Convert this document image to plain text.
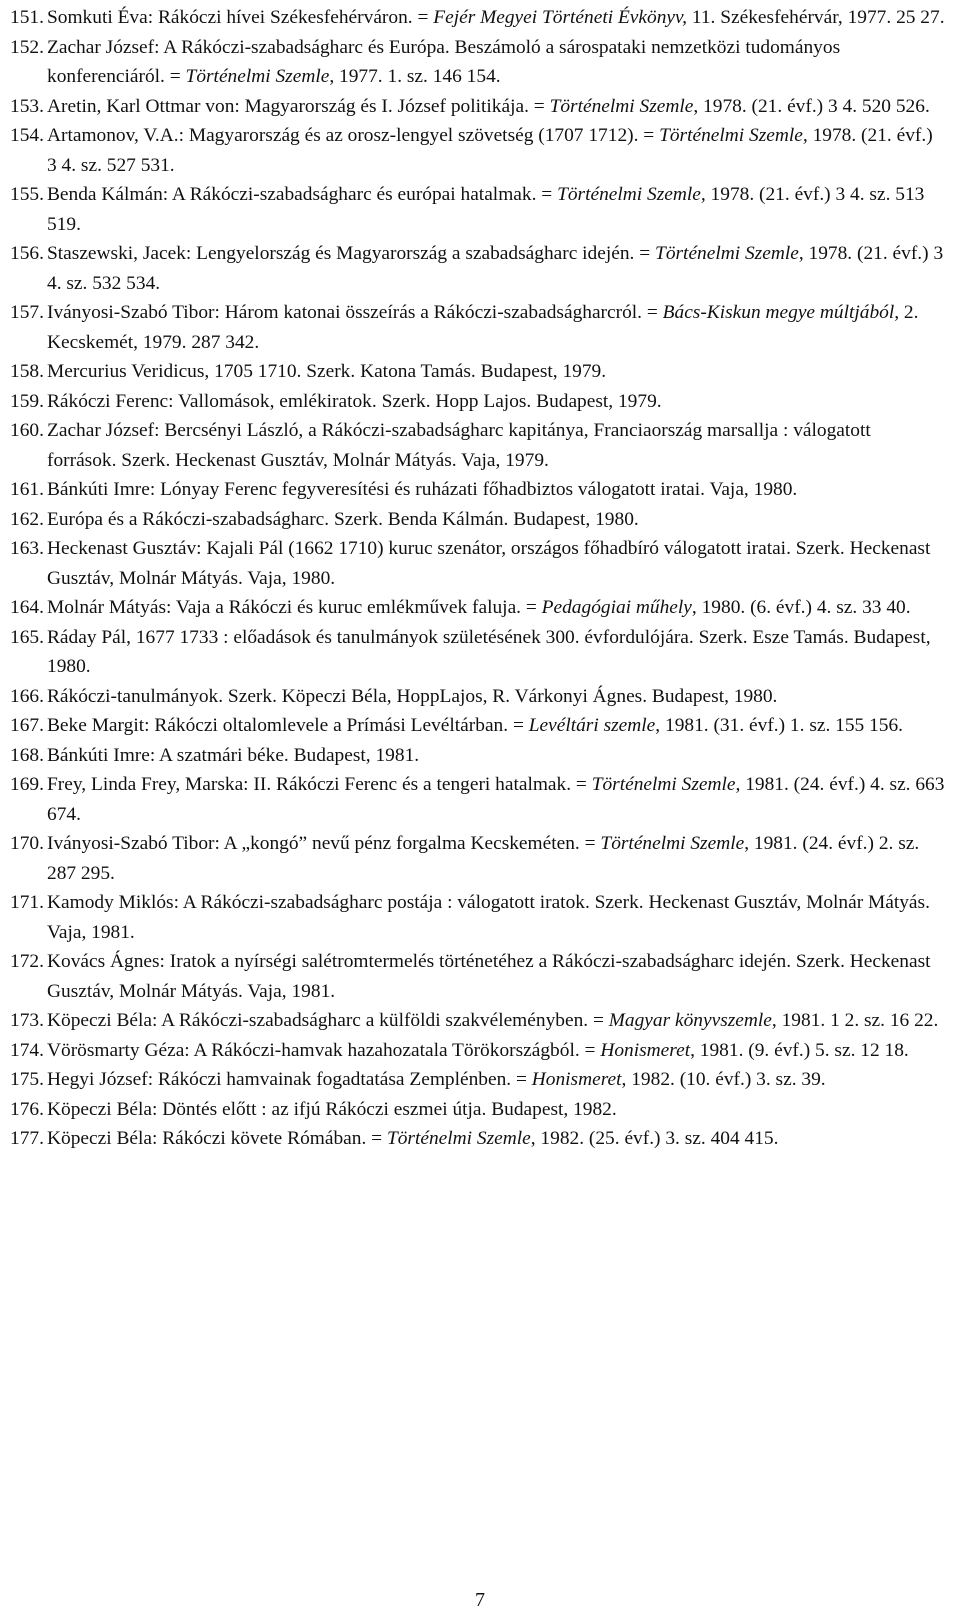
151. Somkuti Éva: Rákóczi hívei Székesfehérváron. = Fejér Megyei Történeti Évkönyv, 11. Székesfehérvár, 1977. 25 27.
152. Zachar József: A Rákóczi-szabadságharc és Európa. Beszámoló a sárospataki nemzetközi tudományos konferenciáról. = Történelmi Szemle, 1977. 1. sz. 146 154.
153. Aretin, Karl Ottmar von: Magyarország és I. József politikája. = Történelmi Szemle, 1978. (21. évf.) 3 4. 520 526.
154. Artamonov, V.A.: Magyarország és az orosz-lengyel szövetség (1707 1712). = Történelmi Szemle, 1978. (21. évf.) 3 4. sz. 527 531.
155. Benda Kálmán: A Rákóczi-szabadságharc és európai hatalmak. = Történelmi Szemle, 1978. (21. évf.) 3 4. sz. 513 519.
156. Staszewski, Jacek: Lengyelország és Magyarország a szabadságharc idején. = Történelmi Szemle, 1978. (21. évf.) 3 4. sz. 532 534.
157. Iványosi-Szabó Tibor: Három katonai összeírás a Rákóczi-szabadságharcról. = Bács-Kiskun megye múltjából, 2. Kecskemét, 1979. 287 342.
158. Mercurius Veridicus, 1705 1710. Szerk. Katona Tamás. Budapest, 1979.
159. Rákóczi Ferenc: Vallomások, emlékiratok. Szerk. Hopp Lajos. Budapest, 1979.
160. Zachar József: Bercsényi László, a Rákóczi-szabadságharc kapitánya, Franciaország marsallja : válogatott források. Szerk. Heckenast Gusztáv, Molnár Mátyás. Vaja, 1979.
161. Bánkúti Imre: Lónyay Ferenc fegyveresítési és ruházati főhadbiztos válogatott iratai. Vaja, 1980.
162. Európa és a Rákóczi-szabadságharc. Szerk. Benda Kálmán. Budapest, 1980.
163. Heckenast Gusztáv: Kajali Pál (1662 1710) kuruc szenátor, országos főhadbíró válogatott iratai. Szerk. Heckenast Gusztáv, Molnár Mátyás. Vaja, 1980.
164. Molnár Mátyás: Vaja a Rákóczi és kuruc emlékművek faluja. = Pedagógiai műhely, 1980. (6. évf.) 4. sz. 33 40.
165. Ráday Pál, 1677 1733 : előadások és tanulmányok születésének 300. évfordulójára. Szerk. Esze Tamás. Budapest, 1980.
166. Rákóczi-tanulmányok. Szerk. Köpeczi Béla, HoppLajos, R. Várkonyi Ágnes. Budapest, 1980.
167. Beke Margit: Rákóczi oltalomlevele a Prímási Levéltárban. = Levéltári szemle, 1981. (31. évf.) 1. sz. 155 156.
168. Bánkúti Imre: A szatmári béke. Budapest, 1981.
169. Frey, Linda Frey, Marska: II. Rákóczi Ferenc és a tengeri hatalmak. = Történelmi Szemle, 1981. (24. évf.) 4. sz. 663 674.
170. Iványosi-Szabó Tibor: A „kongó” nevű pénz forgalma Kecskeméten. = Történelmi Szemle, 1981. (24. évf.) 2. sz. 287 295.
171. Kamody Miklós: A Rákóczi-szabadságharc postája : válogatott iratok. Szerk. Heckenast Gusztáv, Molnár Mátyás. Vaja, 1981.
172. Kovács Ágnes: Iratok a nyírségi salétromtermelés történetéhez a Rákóczi-szabadságharc idején. Szerk. Heckenast Gusztáv, Molnár Mátyás. Vaja, 1981.
173. Köpeczi Béla: A Rákóczi-szabadságharc a külföldi szakvéleményben. = Magyar könyvszemle, 1981. 1 2. sz. 16 22.
174. Vörösmarty Géza: A Rákóczi-hamvak hazahozatala Törökországból. = Honismeret, 1981. (9. évf.) 5. sz. 12 18.
175. Hegyi József: Rákóczi hamvainak fogadtatása Zemplénben. = Honismeret, 1982. (10. évf.) 3. sz. 39.
176. Köpeczi Béla: Döntés előtt : az ifjú Rákóczi eszmei útja. Budapest, 1982.
177. Köpeczi Béla: Rákóczi követe Rómában. = Történelmi Szemle, 1982. (25. évf.) 3. sz. 404 415.
7
